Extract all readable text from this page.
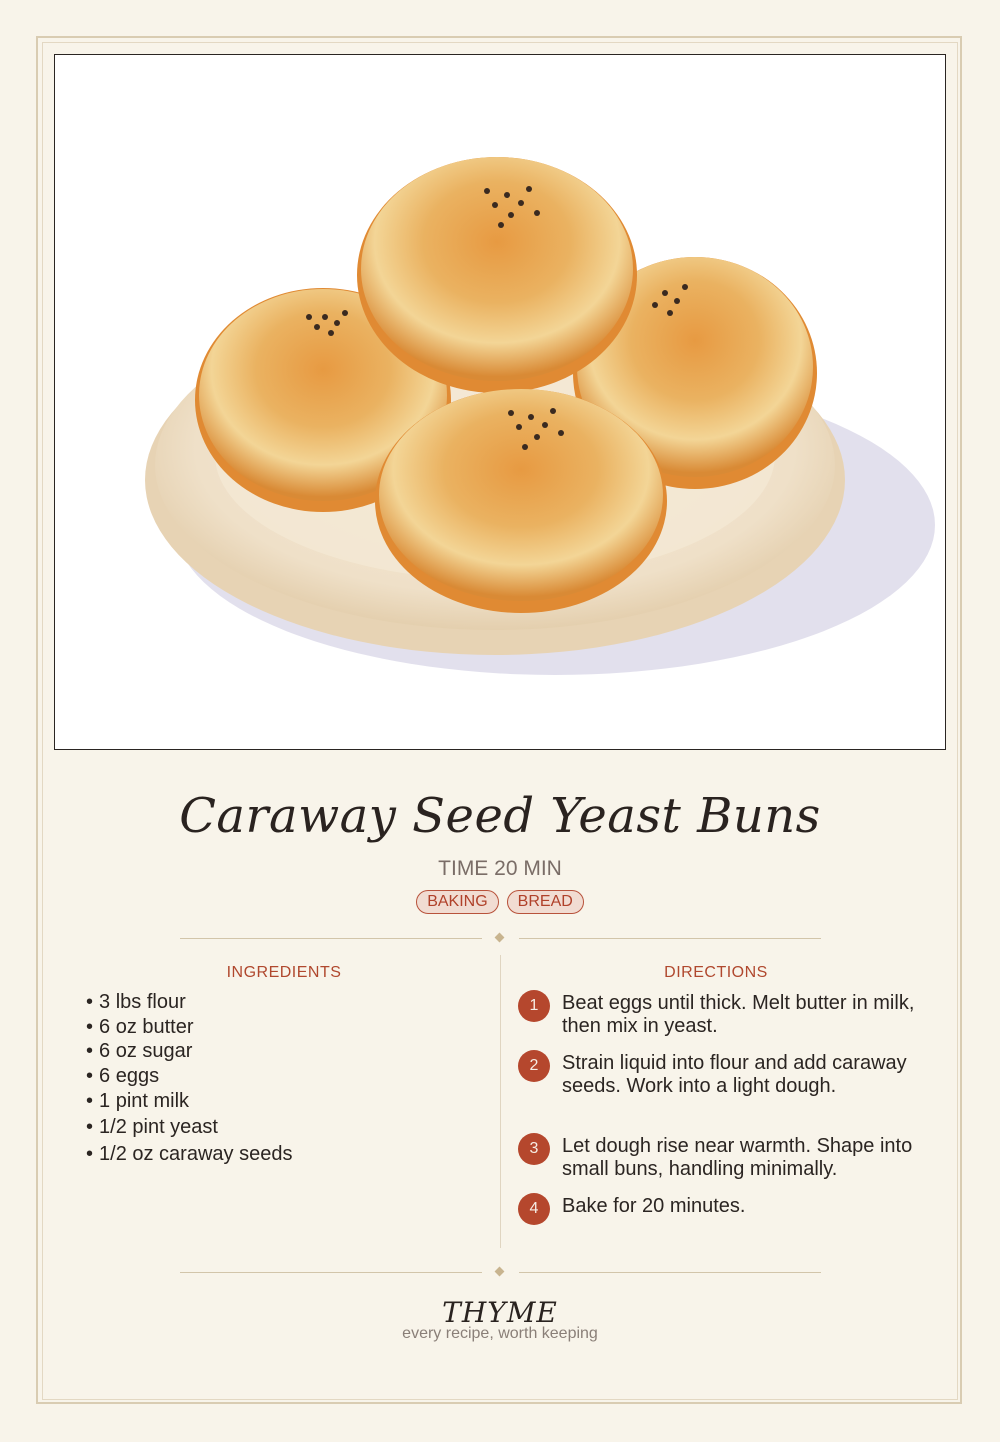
Caraway Seed Yeast Buns
TIME 20 MIN
BAKING	BREAD
INGREDIENTS
• 3 lbs flour
• 6 oz butter
• 6 oz sugar
• 6 eggs
• 1 pint milk
• 1/2 pint yeast
• 1/2 oz caraway seeds
DIRECTIONS
1	Beat eggs until thick. Melt butter in milk, then mix in yeast.
2	Strain liquid into flour and add caraway seeds. Work into a light dough.
3	Let dough rise near warmth. Shape into small buns, handling minimally.
4	Bake for 20 minutes.
THYME
every recipe, worth keeping
